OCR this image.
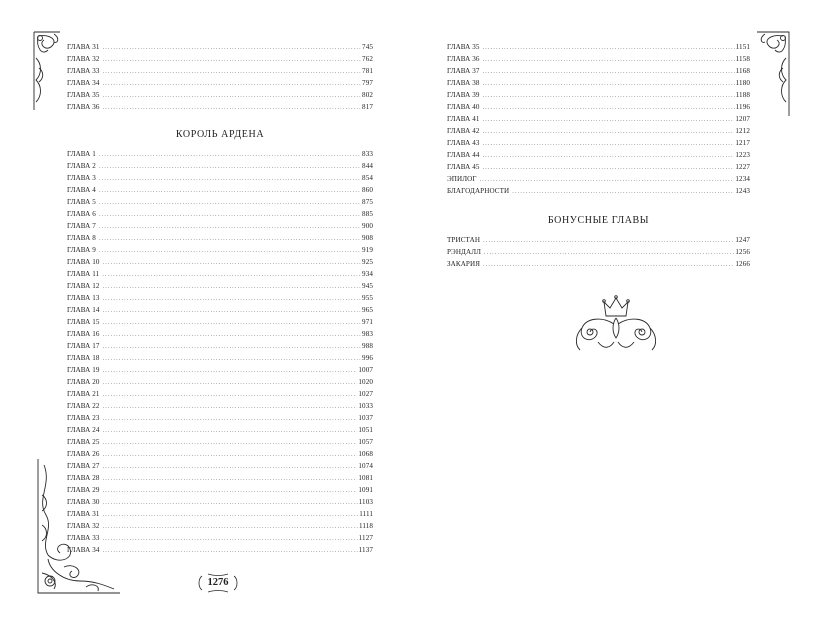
ГЛАВА 31 .....	745
ГЛАВА 32 .....	762
ГЛАВА 33 .....	781
ГЛАВА 34 .....	797
ГЛАВА 35 .....	802
ГЛАВА 36 .....	817
КОРОЛЬ АРДЕНА
ГЛАВА 1 .....	833
ГЛАВА 2 .....	844
ГЛАВА 3 .....	854
ГЛАВА 4 .....	860
ГЛАВА 5 .....	875
ГЛАВА 6 .....	885
ГЛАВА 7 .....	900
ГЛАВА 8 .....	908
ГЛАВА 9 .....	919
ГЛАВА 10 .....	925
ГЛАВА 11 .....	934
ГЛАВА 12 .....	945
ГЛАВА 13 .....	955
ГЛАВА 14 .....	965
ГЛАВА 15 .....	971
ГЛАВА 16 .....	983
ГЛАВА 17 .....	988
ГЛАВА 18 .....	996
ГЛАВА 19 .....	1007
ГЛАВА 20 .....	1020
ГЛАВА 21 .....	1027
ГЛАВА 22 .....	1033
ГЛАВА 23 .....	1037
ГЛАВА 24 .....	1051
ГЛАВА 25 .....	1057
ГЛАВА 26 .....	1068
ГЛАВА 27 .....	1074
ГЛАВА 28 .....	1081
ГЛАВА 29 .....	1091
ГЛАВА 30 .....	1103
ГЛАВА 31 .....	1111
ГЛАВА 32 .....	1118
ГЛАВА 33 .....	1127
ГЛАВА 34 .....	1137
1276
ГЛАВА 35 .....	1151
ГЛАВА 36 .....	1158
ГЛАВА 37 .....	1168
ГЛАВА 38 .....	1180
ГЛАВА 39 .....	1188
ГЛАВА 40 .....	1196
ГЛАВА 41 .....	1207
ГЛАВА 42 .....	1212
ГЛАВА 43 .....	1217
ГЛАВА 44 .....	1223
ГЛАВА 45 .....	1227
ЭПИЛОГ .....	1234
БЛАГОДАРНОСТИ .....	1243
БОНУСНЫЕ ГЛАВЫ
ТРИСТАН .....	1247
РЭНДАЛЛ .....	1256
ЗАКАРИЯ .....	1266
